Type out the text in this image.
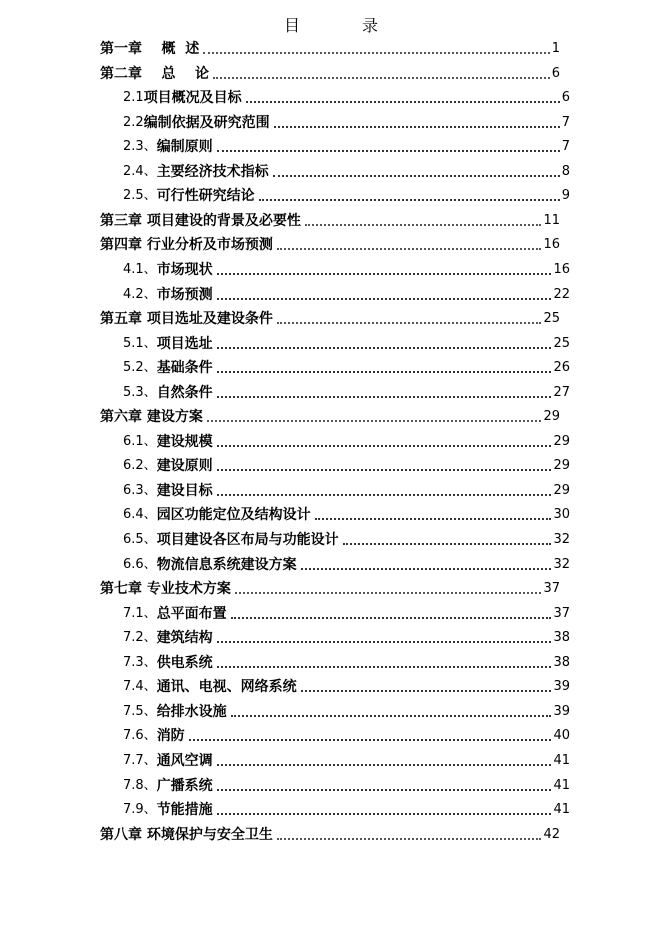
目	录
第一章 概  述	1
第二章 总    论	6
2.1 项目概况及目标	6
2.2 编制依据及研究范围	7
2.3、 编制原则	7
2.4、 主要经济技术指标	8
2.5、 可行性研究结论	9
第三章 项目建设的背景及必要性	11
第四章 行业分析及市场预测	16
4.1、 市场现状	16
4.2、 市场预测	22
第五章 项目选址及建设条件	25
5.1、 项目选址	25
5.2、 基础条件	26
5.3、 自然条件	27
第六章 建设方案	29
6.1、 建设规模	29
6.2、 建设原则	29
6.3、 建设目标	29
6.4、 园区功能定位及结构设计	30
6.5、 项目建设各区布局与功能设计	32
6.6、 物流信息系统建设方案	32
第七章 专业技术方案	37
7.1、 总平面布置	37
7.2、 建筑结构	38
7.3、 供电系统	38
7.4、 通讯、电视、网络系统	39
7.5、 给排水设施	39
7.6、 消防	40
7.7、 通风空调	41
7.8、 广播系统	41
7.9、 节能措施	41
第八章 环境保护与安全卫生	42
